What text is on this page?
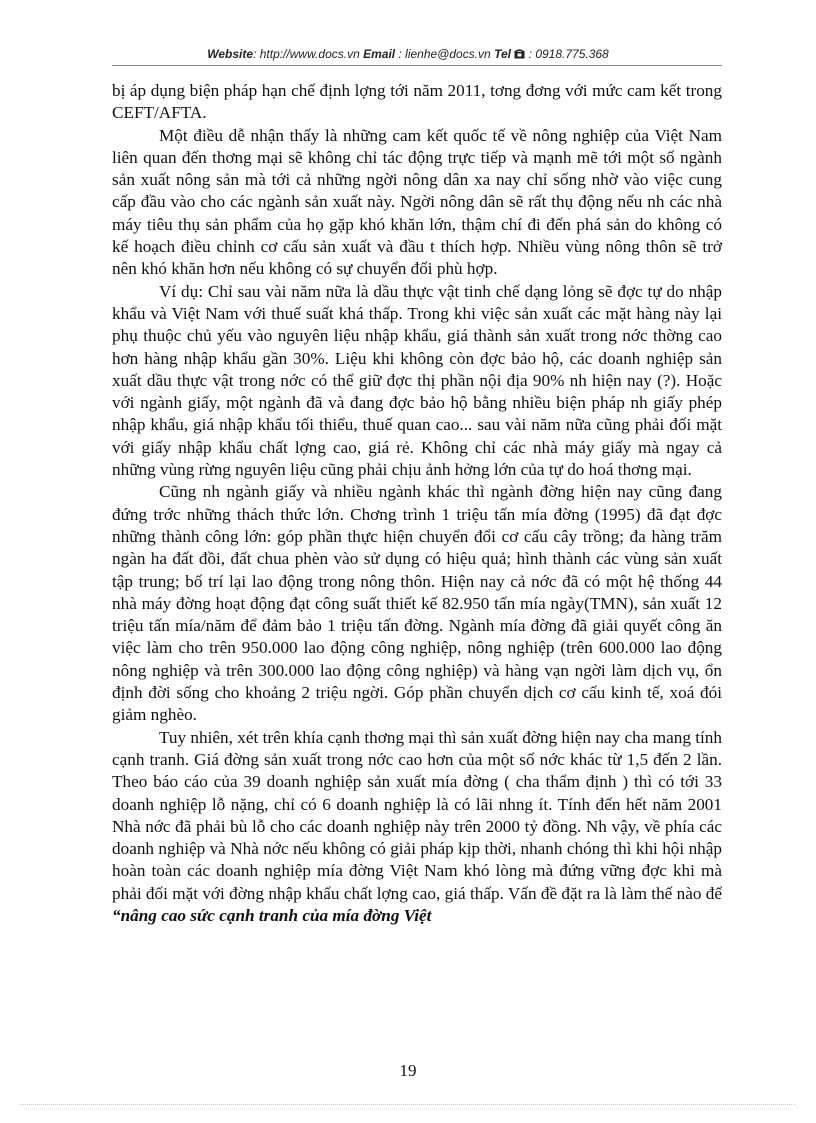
Website: http://www.docs.vn Email : lienhe@docs.vn Tel : 0918.775.368

bị áp dụng biện pháp hạn chế định lợng tới năm 2011, tơng đơng với mức cam kết trong CEFT/AFTA.

Một điều dễ nhận thấy là những cam kết quốc tế về nông nghiệp của Việt Nam liên quan đến thơng mại sẽ không chỉ tác động trực tiếp và mạnh mẽ tới một số ngành sản xuất nông sản mà tới cả những ngời nông dân xa nay chỉ sống nhờ vào việc cung cấp đầu vào cho các ngành sản xuất này. Ngời nông dân sẽ rất thụ động nếu nh các nhà máy tiêu thụ sản phẩm của họ gặp khó khăn lớn, thậm chí đi đến phá sản do không có kế hoạch điều chỉnh cơ cấu sản xuất và đầu t thích hợp. Nhiều vùng nông thôn sẽ trở nên khó khăn hơn nếu không có sự chuyển đổi phù hợp.

Ví dụ: Chỉ sau vài năm nữa là dầu thực vật tinh chế dạng lỏng sẽ đợc tự do nhập khẩu và Việt Nam với thuế suất khá thấp. Trong khi việc sản xuất các mặt hàng này lại phụ thuộc chủ yếu vào nguyên liệu nhập khẩu, giá thành sản xuất trong nớc thờng cao hơn hàng nhập khẩu gần 30%. Liệu khi không còn đợc bảo hộ, các doanh nghiệp sản xuất dầu thực vật trong nớc có thể giữ đợc thị phần nội địa 90% nh hiện nay (?). Hoặc với ngành giấy, một ngành đã và đang đợc bảo hộ bằng nhiều biện pháp nh giấy phép nhập khẩu, giá nhập khẩu tối thiểu, thuế quan cao... sau vài năm nữa cũng phải đối mặt với giấy nhập khẩu chất lợng cao, giá rẻ. Không chỉ các nhà máy giấy mà ngay cả những vùng rừng nguyên liệu cũng phải chịu ảnh hởng lớn của tự do hoá thơng mại.

Cũng nh ngành giấy và nhiều ngành khác thì ngành đờng hiện nay cũng đang đứng trớc những thách thức lớn. Chơng trình 1 triệu tấn mía đờng (1995) đã đạt đợc những thành công lớn: góp phần thực hiện chuyển đổi cơ cấu cây trồng; đa hàng trăm ngàn ha đất đồi, đất chua phèn vào sử dụng có hiệu quả; hình thành các vùng sản xuất tập trung; bố trí lại lao động trong nông thôn. Hiện nay cả nớc đã có một hệ thống 44 nhà máy đờng hoạt động đạt công suất thiết kế 82.950 tấn mía ngày(TMN), sản xuất 12 triệu tấn mía/năm để đảm bảo 1 triệu tấn đờng. Ngành mía đờng đã giải quyết công ăn việc làm cho trên 950.000 lao động công nghiệp, nông nghiệp (trên 600.000 lao động nông nghiệp và trên 300.000 lao động công nghiệp) và hàng vạn ngời làm dịch vụ, ổn định đời sống cho khoảng 2 triệu ngời. Góp phần chuyển dịch cơ cấu kinh tế, xoá đói giảm nghèo.

Tuy nhiên, xét trên khía cạnh thơng mại thì sản xuất đờng hiện nay cha mang tính cạnh tranh. Giá đờng sản xuất trong nớc cao hơn của một số nớc khác từ 1,5 đến 2 lần. Theo báo cáo của 39 doanh nghiệp sản xuất mía đờng ( cha thẩm định ) thì có tới 33 doanh nghiệp lỗ nặng, chỉ có 6 doanh nghiệp là có lãi nhng ít. Tính đến hết năm 2001 Nhà nớc đã phải bù lỗ cho các doanh nghiệp này trên 2000 tỷ đồng. Nh vậy, về phía các doanh nghiệp và Nhà nớc nếu không có giải pháp kịp thời, nhanh chóng thì khi hội nhập hoàn toàn các doanh nghiệp mía đờng Việt Nam khó lòng mà đứng vững đợc khi mà phải đối mặt với đờng nhập khẩu chất lợng cao, giá thấp. Vấn đề đặt ra là làm thế nào để “nâng cao sức cạnh tranh của mía đờng Việt

19
